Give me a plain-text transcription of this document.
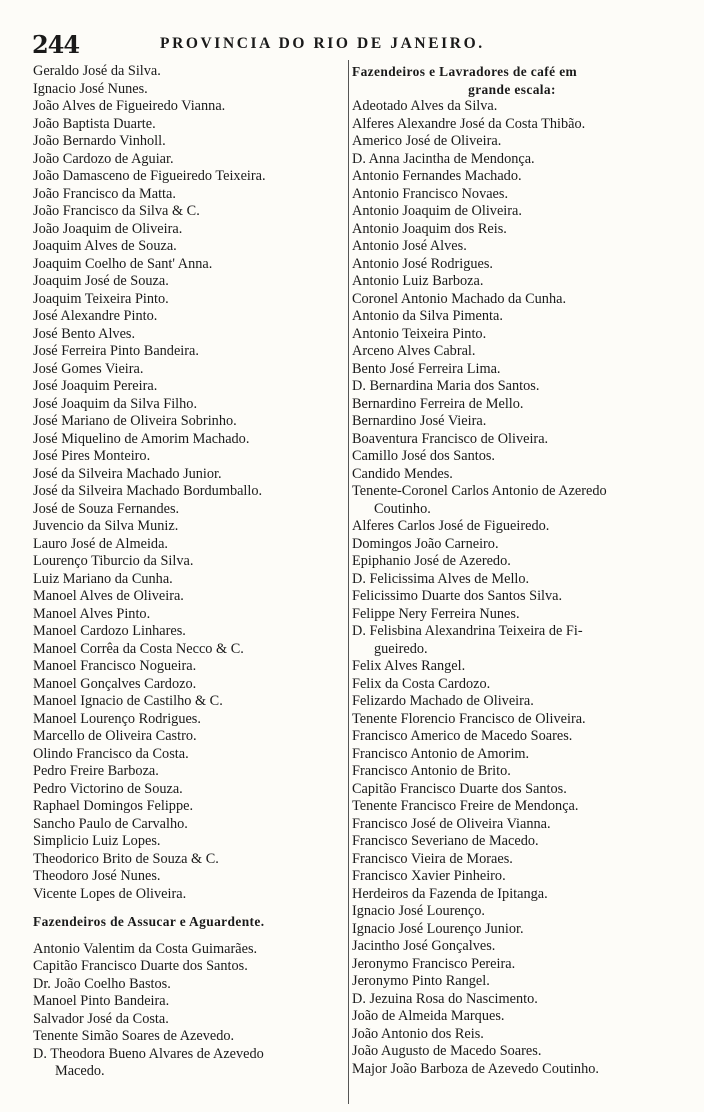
244	PROVINCIA DO RIO DE JANEIRO.
Geraldo José da Silva.
Ignacio José Nunes.
João Alves de Figueiredo Vianna.
João Baptista Duarte.
João Bernardo Vinholl.
João Cardozo de Aguiar.
João Damasceno de Figueiredo Teixeira.
João Francisco da Matta.
João Francisco da Silva & C.
João Joaquim de Oliveira.
Joaquim Alves de Souza.
Joaquim Coelho de Sant' Anna.
Joaquim José de Souza.
Joaquim Teixeira Pinto.
José Alexandre Pinto.
José Bento Alves.
José Ferreira Pinto Bandeira.
José Gomes Vieira.
José Joaquim Pereira.
José Joaquim da Silva Filho.
José Mariano de Oliveira Sobrinho.
José Miquelino de Amorim Machado.
José Pires Monteiro.
José da Silveira Machado Junior.
José da Silveira Machado Bordumballo.
José de Souza Fernandes.
Juvencio da Silva Muniz.
Lauro José de Almeida.
Lourenço Tiburcio da Silva.
Luiz Mariano da Cunha.
Manoel Alves de Oliveira.
Manoel Alves Pinto.
Manoel Cardozo Linhares.
Manoel Corrêa da Costa Necco & C.
Manoel Francisco Nogueira.
Manoel Gonçalves Cardozo.
Manoel Ignacio de Castilho & C.
Manoel Lourenço Rodrigues.
Marcello de Oliveira Castro.
Olindo Francisco da Costa.
Pedro Freire Barboza.
Pedro Victorino de Souza.
Raphael Domingos Felippe.
Sancho Paulo de Carvalho.
Simplicio Luiz Lopes.
Theodorico Brito de Souza & C.
Theodoro José Nunes.
Vicente Lopes de Oliveira.
Fazendeiros de Assucar e Aguardente.
Antonio Valentim da Costa Guimarães.
Capitão Francisco Duarte dos Santos.
Dr. João Coelho Bastos.
Manoel Pinto Bandeira.
Salvador José da Costa.
Tenente Simão Soares de Azevedo.
D. Theodora Bueno Alvares de Azevedo
Macedo.
Fazendeiros e Lavradores de café em
grande escala:
Adeotado Alves da Silva.
Alferes Alexandre José da Costa Thibão.
Americo José de Oliveira.
D. Anna Jacintha de Mendonça.
Antonio Fernandes Machado.
Antonio Francisco Novaes.
Antonio Joaquim de Oliveira.
Antonio Joaquim dos Reis.
Antonio José Alves.
Antonio José Rodrigues.
Antonio Luiz Barboza.
Coronel Antonio Machado da Cunha.
Antonio da Silva Pimenta.
Antonio Teixeira Pinto.
Arceno Alves Cabral.
Bento José Ferreira Lima.
D. Bernardina Maria dos Santos.
Bernardino Ferreira de Mello.
Bernardino José Vieira.
Boaventura Francisco de Oliveira.
Camillo José dos Santos.
Candido Mendes.
Tenente-Coronel Carlos Antonio de Azeredo
Coutinho.
Alferes Carlos José de Figueiredo.
Domingos João Carneiro.
Epiphanio José de Azeredo.
D. Felicissima Alves de Mello.
Felicissimo Duarte dos Santos Silva.
Felippe Nery Ferreira Nunes.
D. Felisbina Alexandrina Teixeira de Fi-
gueiredo.
Felix Alves Rangel.
Felix da Costa Cardozo.
Felizardo Machado de Oliveira.
Tenente Florencio Francisco de Oliveira.
Francisco Americo de Macedo Soares.
Francisco Antonio de Amorim.
Francisco Antonio de Brito.
Capitão Francisco Duarte dos Santos.
Tenente Francisco Freire de Mendonça.
Francisco José de Oliveira Vianna.
Francisco Severiano de Macedo.
Francisco Vieira de Moraes.
Francisco Xavier Pinheiro.
Herdeiros da Fazenda de Ipitanga.
Ignacio José Lourenço.
Ignacio José Lourenço Junior.
Jacintho José Gonçalves.
Jeronymo Francisco Pereira.
Jeronymo Pinto Rangel.
D. Jezuina Rosa do Nascimento.
João de Almeida Marques.
João Antonio dos Reis.
João Augusto de Macedo Soares.
Major João Barboza de Azevedo Coutinho.
